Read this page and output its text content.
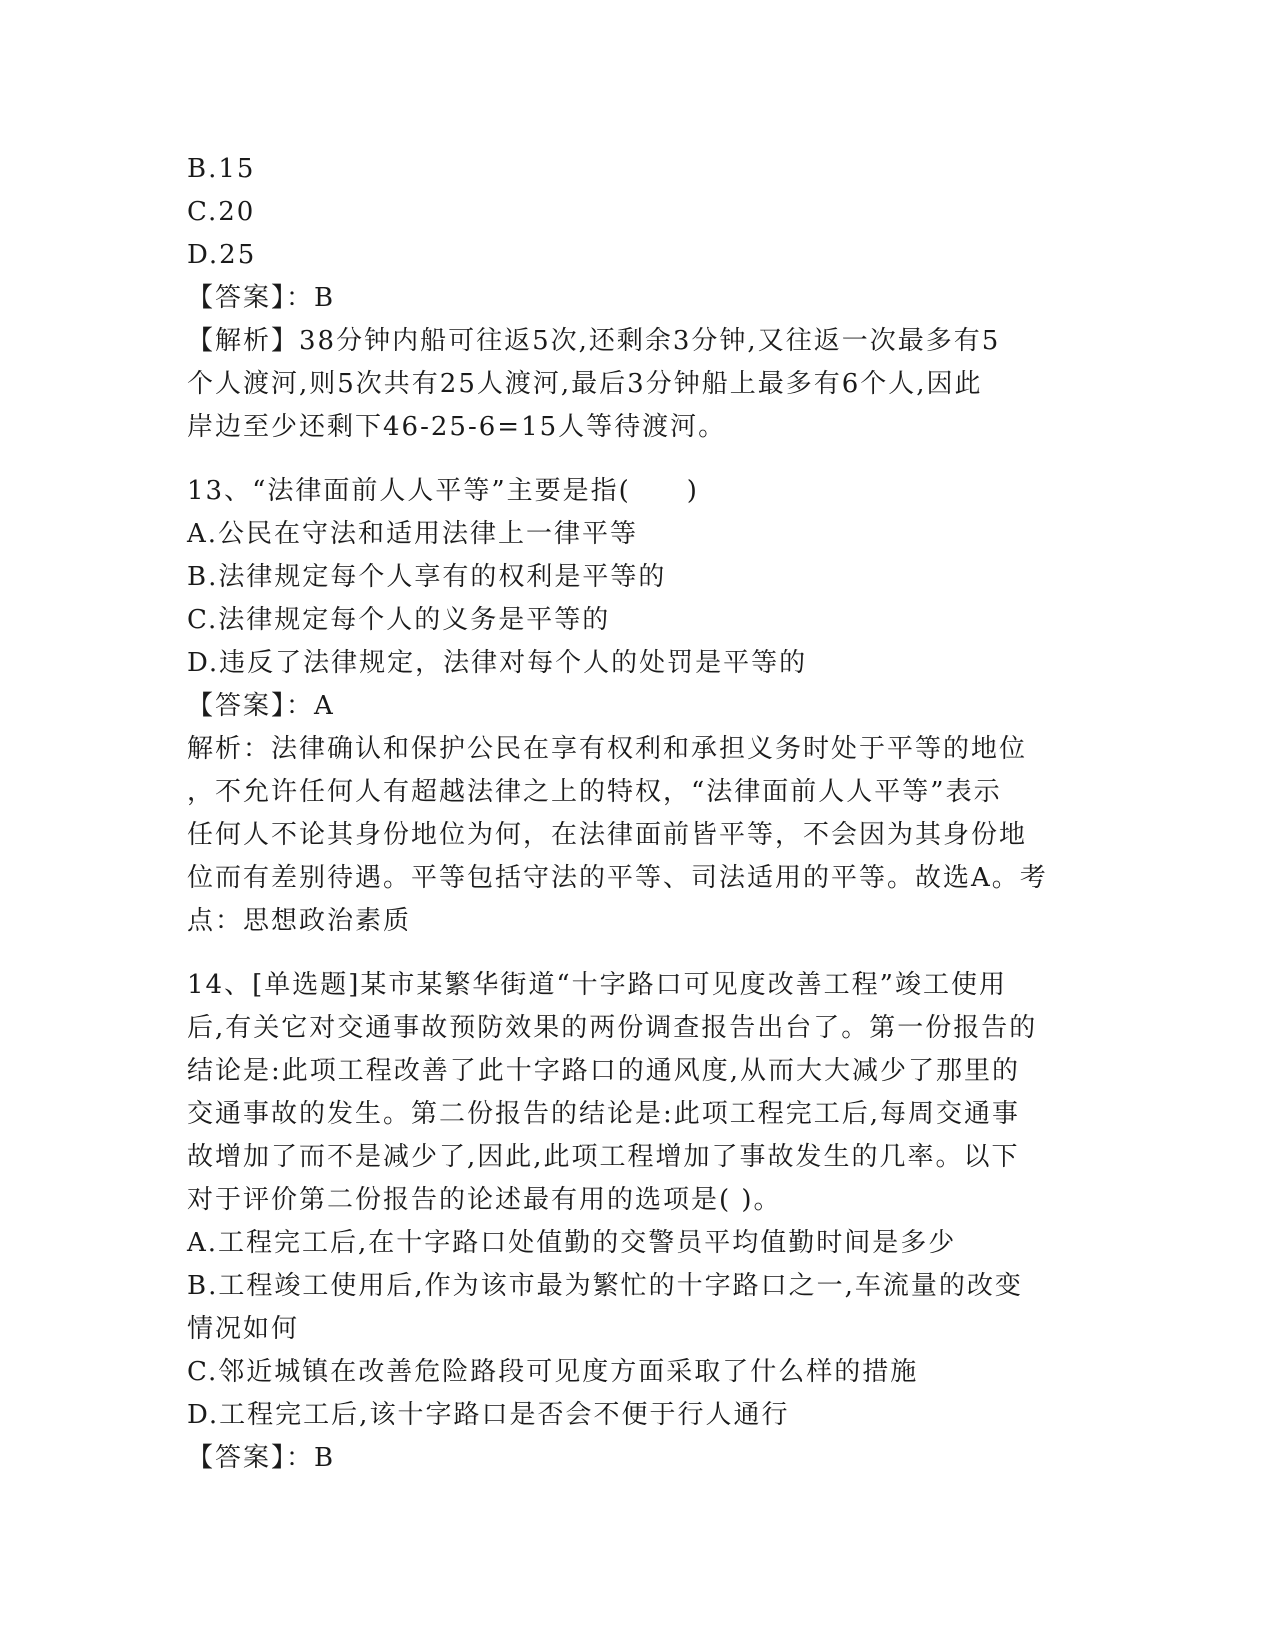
B.15
C.20
D.25
【答案】：B
【解析】38分钟内船可往返5次,还剩余3分钟,又往返一次最多有5
个人渡河,则5次共有25人渡河,最后3分钟船上最多有6个人,因此
岸边至少还剩下46-25-6=15人等待渡河。
13、“法律面前人人平等”主要是指(　　)
A.公民在守法和适用法律上一律平等
B.法律规定每个人享有的权利是平等的
C.法律规定每个人的义务是平等的
D.违反了法律规定，法律对每个人的处罚是平等的
【答案】：A
解析：法律确认和保护公民在享有权利和承担义务时处于平等的地位
，不允许任何人有超越法律之上的特权，“法律面前人人平等”表示
任何人不论其身份地位为何，在法律面前皆平等，不会因为其身份地
位而有差别待遇。平等包括守法的平等、司法适用的平等。故选A。考
点：思想政治素质
14、[单选题]某市某繁华街道“十字路口可见度改善工程”竣工使用
后,有关它对交通事故预防效果的两份调查报告出台了。第一份报告的
结论是:此项工程改善了此十字路口的通风度,从而大大减少了那里的
交通事故的发生。第二份报告的结论是:此项工程完工后,每周交通事
故增加了而不是减少了,因此,此项工程增加了事故发生的几率。以下
对于评价第二份报告的论述最有用的选项是( )。
A.工程完工后,在十字路口处值勤的交警员平均值勤时间是多少
B.工程竣工使用后,作为该市最为繁忙的十字路口之一,车流量的改变
情况如何
C.邻近城镇在改善危险路段可见度方面采取了什么样的措施
D.工程完工后,该十字路口是否会不便于行人通行
【答案】：B
